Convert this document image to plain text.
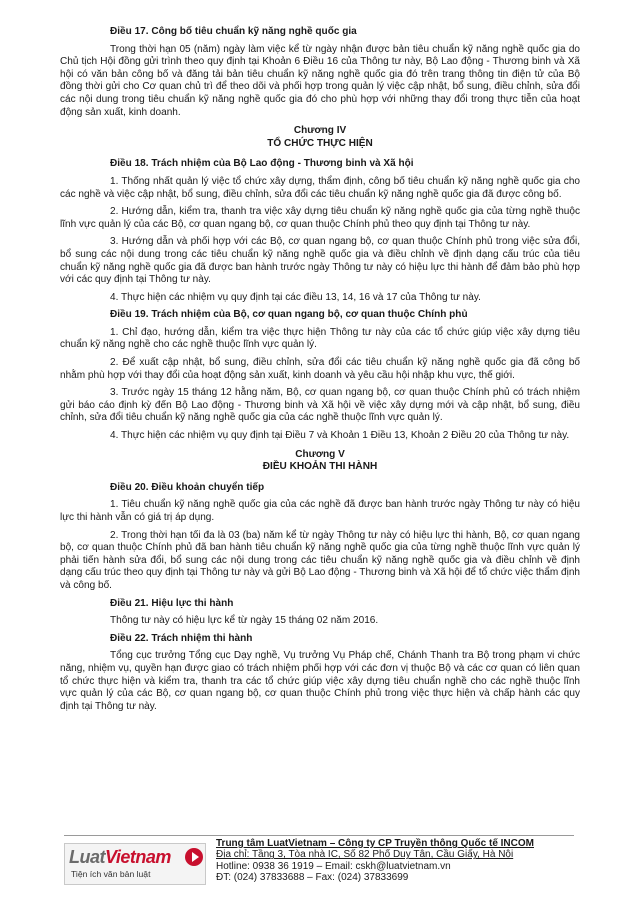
Điều 17. Công bố tiêu chuẩn kỹ năng nghề quốc gia

Trong thời hạn 05 (năm) ngày làm việc kể từ ngày nhận được bản tiêu chuẩn kỹ năng nghề quốc gia do Chủ tịch Hội đồng gửi trình theo quy định tại Khoản 6 Điều 16 của Thông tư này, Bộ Lao động - Thương binh và Xã hội có văn bản công bố và đăng tải bản tiêu chuẩn kỹ năng nghề quốc gia đó trên trang thông tin điện tử của Bộ đồng thời gửi cho Cơ quan chủ trì để theo dõi và phối hợp trong quản lý việc cập nhật, bổ sung, điều chỉnh, sửa đổi các nội dung trong tiêu chuẩn kỹ năng nghề quốc gia đó cho phù hợp với những thay đổi trong thực tiễn của hoạt động sản xuất, kinh doanh.

Chương IV

TỔ CHỨC THỰC HIỆN

Điều 18. Trách nhiệm của Bộ Lao động - Thương binh và Xã hội

1. Thống nhất quản lý việc tổ chức xây dựng, thẩm định, công bố tiêu chuẩn kỹ năng nghề quốc gia cho các nghề và việc cập nhật, bổ sung, điều chỉnh, sửa đổi các tiêu chuẩn kỹ năng nghề quốc gia đã được công bố.

2. Hướng dẫn, kiểm tra, thanh tra việc xây dựng tiêu chuẩn kỹ năng nghề quốc gia của từng nghề thuộc lĩnh vực quản lý của các Bộ, cơ quan ngang bộ, cơ quan thuộc Chính phủ theo quy định tại Thông tư này.

3. Hướng dẫn và phối hợp với các Bộ, cơ quan ngang bộ, cơ quan thuộc Chính phủ trong việc sửa đổi, bổ sung các nội dung trong các tiêu chuẩn kỹ năng nghề quốc gia và điều chỉnh về định dạng cấu trúc của tiêu chuẩn kỹ năng nghề quốc gia đã được ban hành trước ngày Thông tư này có hiệu lực thi hành để đảm bảo phù hợp với các quy định tại Thông tư này.

4. Thực hiện các nhiệm vụ quy định tại các điều 13, 14, 16 và 17 của Thông tư này.

Điều 19. Trách nhiệm của Bộ, cơ quan ngang bộ, cơ quan thuộc Chính phủ

1. Chỉ đạo, hướng dẫn, kiểm tra việc thực hiện Thông tư này của các tổ chức giúp việc xây dựng tiêu chuẩn kỹ năng nghề cho các nghề thuộc lĩnh vực quản lý.

2. Để xuất cập nhật, bổ sung, điều chỉnh, sửa đổi các tiêu chuẩn kỹ năng nghề quốc gia đã công bố nhằm phù hợp với thay đổi của hoạt động sản xuất, kinh doanh và yêu cầu hội nhập khu vực, thế giới.

3. Trước ngày 15 tháng 12 hằng năm, Bộ, cơ quan ngang bộ, cơ quan thuộc Chính phủ có trách nhiệm gửi báo cáo định kỳ đến Bộ Lao động - Thương binh và Xã hội về việc xây dựng mới và cập nhật, bổ sung, điều chỉnh, sửa đổi tiêu chuẩn kỹ năng nghề quốc gia của các nghề thuộc lĩnh vực quản lý.

4. Thực hiện các nhiệm vụ quy định tại Điều 7 và Khoản 1 Điều 13, Khoản 2 Điều 20 của Thông tư này.

Chương V

ĐIỀU KHOẢN THI HÀNH

Điều 20. Điều khoản chuyển tiếp

1. Tiêu chuẩn kỹ năng nghề quốc gia của các nghề đã được ban hành trước ngày Thông tư này có hiệu lực thi hành vẫn có giá trị áp dụng.

2. Trong thời hạn tối đa là 03 (ba) năm kể từ ngày Thông tư này có hiệu lực thi hành, Bộ, cơ quan ngang bộ, cơ quan thuộc Chính phủ đã ban hành tiêu chuẩn kỹ năng nghề quốc gia của từng nghề thuộc lĩnh vực quản lý phải tiến hành sửa đổi, bổ sung các nội dung trong các tiêu chuẩn kỹ năng nghề quốc gia và điều chỉnh về định dạng cấu trúc theo quy định tại Thông tư này và gửi Bộ Lao động - Thương binh và Xã hội để tổ chức việc thẩm định và công bố.

Điều 21. Hiệu lực thi hành

Thông tư này có hiệu lực kể từ ngày 15 tháng 02 năm 2016.

Điều 22. Trách nhiệm thi hành

Tổng cục trưởng Tổng cục Dạy nghề, Vụ trưởng Vụ Pháp chế, Chánh Thanh tra Bộ trong phạm vi chức năng, nhiệm vụ, quyền hạn được giao có trách nhiệm phối hợp với các đơn vị thuộc Bộ và các cơ quan có liên quan tổ chức thực hiện và kiểm tra, thanh tra các tổ chức giúp việc xây dựng tiêu chuẩn nghề cho các nghề thuộc lĩnh vực quản lý của các Bộ, cơ quan ngang bộ, cơ quan thuộc Chính phủ trong việc thực hiện và chấp hành các quy định tại Thông tư này.

LuatVietnam
Tiện ích văn bản luật
Trung tâm LuatVietnam – Công ty CP Truyền thông Quốc tế INCOM
Địa chỉ: Tầng 3, Tòa nhà IC, Số 82 Phố Duy Tân, Cầu Giấy, Hà Nội
Hotline: 0938 36 1919 – Email: cskh@luatvietnam.vn
ĐT: (024) 37833688 – Fax: (024) 37833699
